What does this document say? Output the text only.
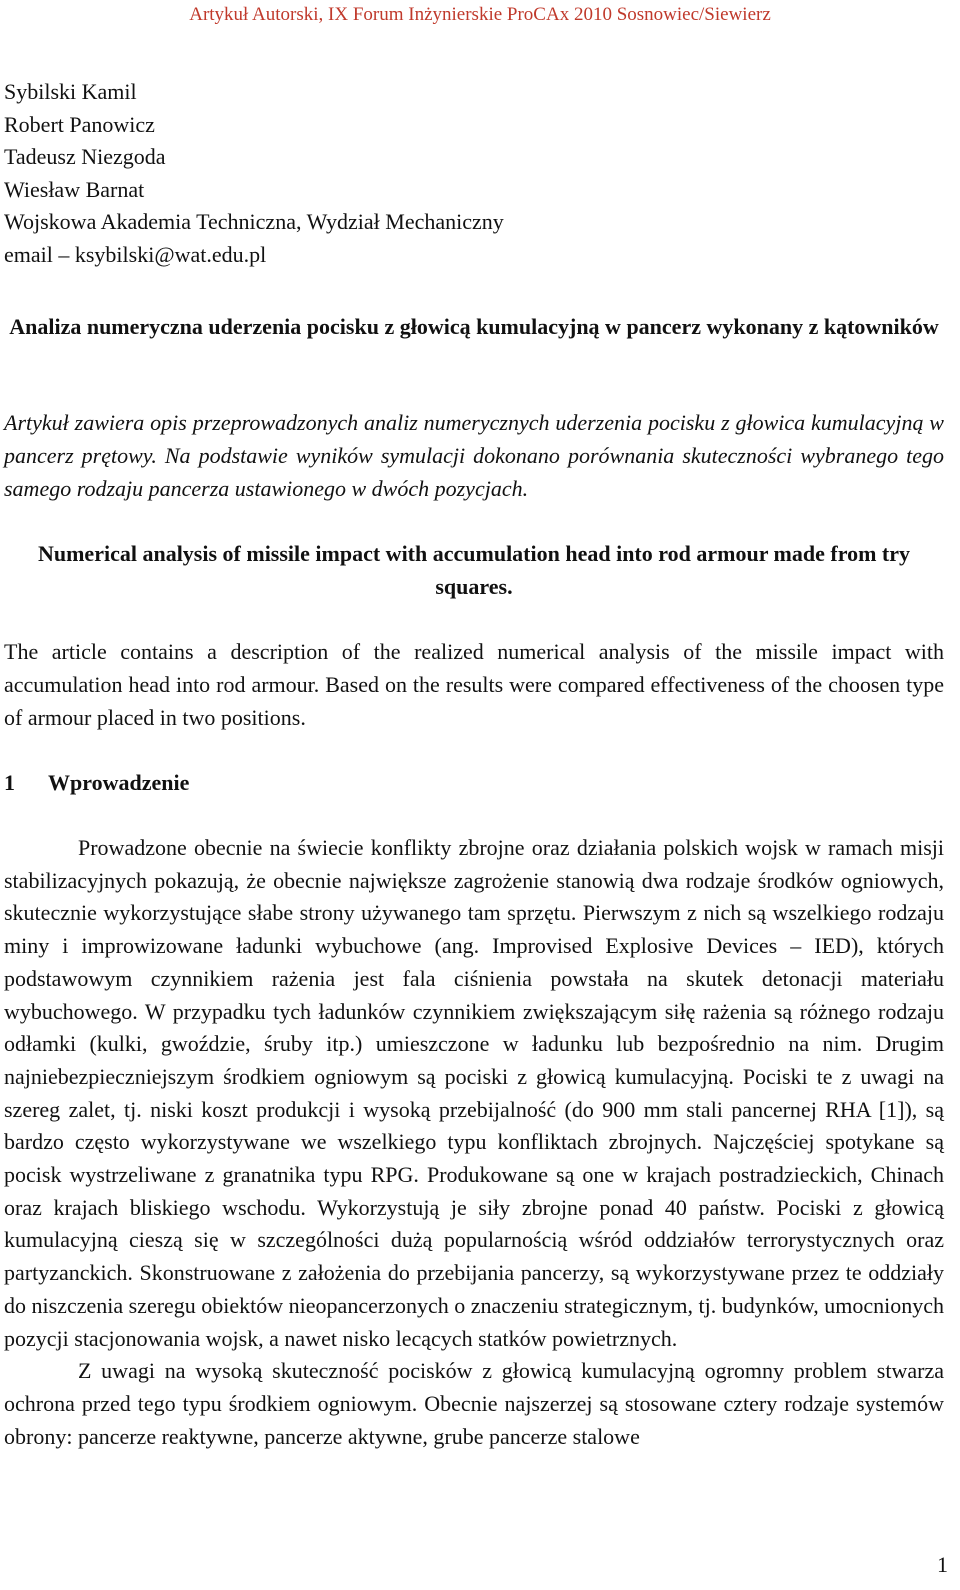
Artykuł Autorski, IX Forum Inżynierskie ProCAx 2010 Sosnowiec/Siewierz
Sybilski Kamil
Robert Panowicz
Tadeusz Niezgoda
Wiesław Barnat
Wojskowa Akademia Techniczna, Wydział Mechaniczny
email – ksybilski@wat.edu.pl
Analiza numeryczna uderzenia pocisku z głowicą kumulacyjną w pancerz wykonany z kątowników
Artykuł zawiera opis przeprowadzonych analiz numerycznych uderzenia pocisku z głowica kumulacyjną w pancerz prętowy. Na podstawie wyników symulacji dokonano porównania skuteczności wybranego tego samego rodzaju pancerza ustawionego w dwóch pozycjach.
Numerical analysis of missile impact with accumulation head into rod armour made from try squares.
The article contains a description of the realized numerical analysis of the missile impact with accumulation head into rod armour. Based on the results were compared effectiveness of the choosen type of armour placed in two positions.
1 Wprowadzenie

Prowadzone obecnie na świecie konflikty zbrojne oraz działania polskich wojsk w ramach misji stabilizacyjnych pokazują, że obecnie największe zagrożenie stanowią dwa rodzaje środków ogniowych, skutecznie wykorzystujące słabe strony używanego tam sprzętu. Pierwszym z nich są wszelkiego rodzaju miny i improwizowane ładunki wybuchowe (ang. Improvised Explosive Devices – IED), których podstawowym czynnikiem rażenia jest fala ciśnienia powstała na skutek detonacji materiału wybuchowego. W przypadku tych ładunków czynnikiem zwiększającym siłę rażenia są różnego rodzaju odłamki (kulki, gwoździe, śruby itp.) umieszczone w ładunku lub bezpośrednio na nim. Drugim najniebezpieczniejszym środkiem ogniowym są pociski z głowicą kumulacyjną. Pociski te z uwagi na szereg zalet, tj. niski koszt produkcji i wysoką przebijalność (do 900 mm stali pancernej RHA [1]), są bardzo często wykorzystywane we wszelkiego typu konfliktach zbrojnych. Najczęściej spotykane są pocisk wystrzeliwane z granatnika typu RPG. Produkowane są one w krajach postradzieckich, Chinach oraz krajach bliskiego wschodu. Wykorzystują je siły zbrojne ponad 40 państw. Pociski z głowicą kumulacyjną cieszą się w szczególności dużą popularnością wśród oddziałów terrorystycznych oraz partyzanckich. Skonstruowane z założenia do przebijania pancerzy, są wykorzystywane przez te oddziały do niszczenia szeregu obiektów nieopancerzonych o znaczeniu strategicznym, tj. budynków, umocnionych pozycji stacjonowania wojsk, a nawet nisko lecących statków powietrznych.

Z uwagi na wysoką skuteczność pocisków z głowicą kumulacyjną ogromny problem stwarza ochrona przed tego typu środkiem ogniowym. Obecnie najszerzej są stosowane cztery rodzaje systemów obrony: pancerze reaktywne, pancerze aktywne, grube pancerze stalowe

1
